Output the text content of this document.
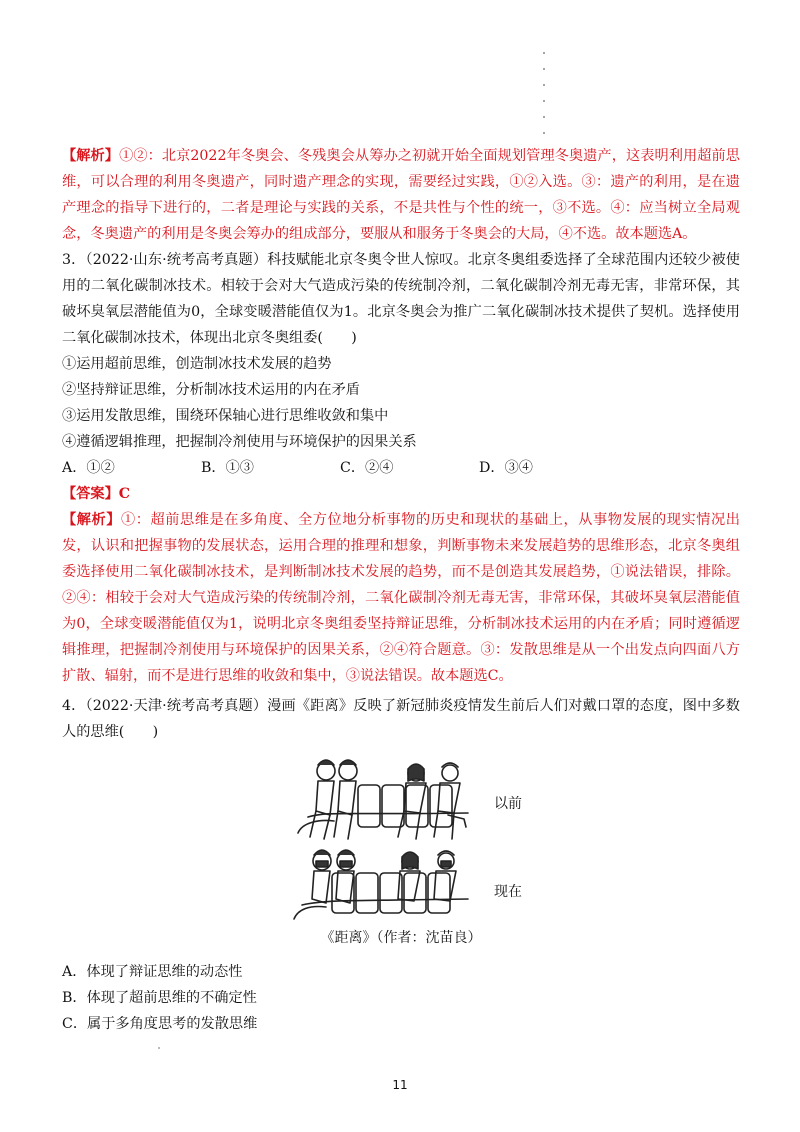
【解析】①②：北京2022年冬奥会、冬残奥会从筹办之初就开始全面规划管理冬奥遗产，这表明利用超前思维，可以合理的利用冬奥遗产，同时遗产理念的实现，需要经过实践，①②入选。③：遗产的利用，是在遗产理念的指导下进行的，二者是理论与实践的关系，不是共性与个性的统一，③不选。④：应当树立全局观念，冬奥遗产的利用是冬奥会筹办的组成部分，要服从和服务于冬奥会的大局，④不选。故本题选A。

3．（2022·山东·统考高考真题）科技赋能北京冬奥令世人惊叹。北京冬奥组委选择了全球范围内还较少被使用的二氧化碳制冰技术。相较于会对大气造成污染的传统制冷剂，二氧化碳制冷剂无毒无害，非常环保，其破坏臭氧层潜能值为0，全球变暖潜能值仅为1。北京冬奥会为推广二氧化碳制冰技术提供了契机。选择使用二氧化碳制冰技术，体现出北京冬奥组委(　　)

①运用超前思维，创造制冰技术发展的趋势

②坚持辩证思维，分析制冰技术运用的内在矛盾

③运用发散思维，围绕环保轴心进行思维收敛和集中

④遵循逻辑推理，把握制冷剂使用与环境保护的因果关系

A．①②	B．①③	C．②④	D．③④

【答案】C

【解析】①：超前思维是在多角度、全方位地分析事物的历史和现状的基础上，从事物发展的现实情况出发，认识和把握事物的发展状态，运用合理的推理和想象，判断事物未来发展趋势的思维形态，北京冬奥组委选择使用二氧化碳制冰技术，是判断制冰技术发展的趋势，而不是创造其发展趋势，①说法错误，排除。②④：相较于会对大气造成污染的传统制冷剂，二氧化碳制冷剂无毒无害，非常环保，其破坏臭氧层潜能值为0，全球变暖潜能值仅为1，说明北京冬奥组委坚持辩证思维，分析制冰技术运用的内在矛盾；同时遵循逻辑推理，把握制冷剂使用与环境保护的因果关系，②④符合题意。③：发散思维是从一个出发点向四面八方扩散、辐射，而不是进行思维的收敛和集中，③说法错误。故本题选C。

4．（2022·天津·统考高考真题）漫画《距离》反映了新冠肺炎疫情发生前后人们对戴口罩的态度，图中多数人的思维(　　)

以前
现在
《距离》（作者：沈苗良）

A．体现了辩证思维的动态性

B．体现了超前思维的不确定性

C．属于多角度思考的发散思维

11
